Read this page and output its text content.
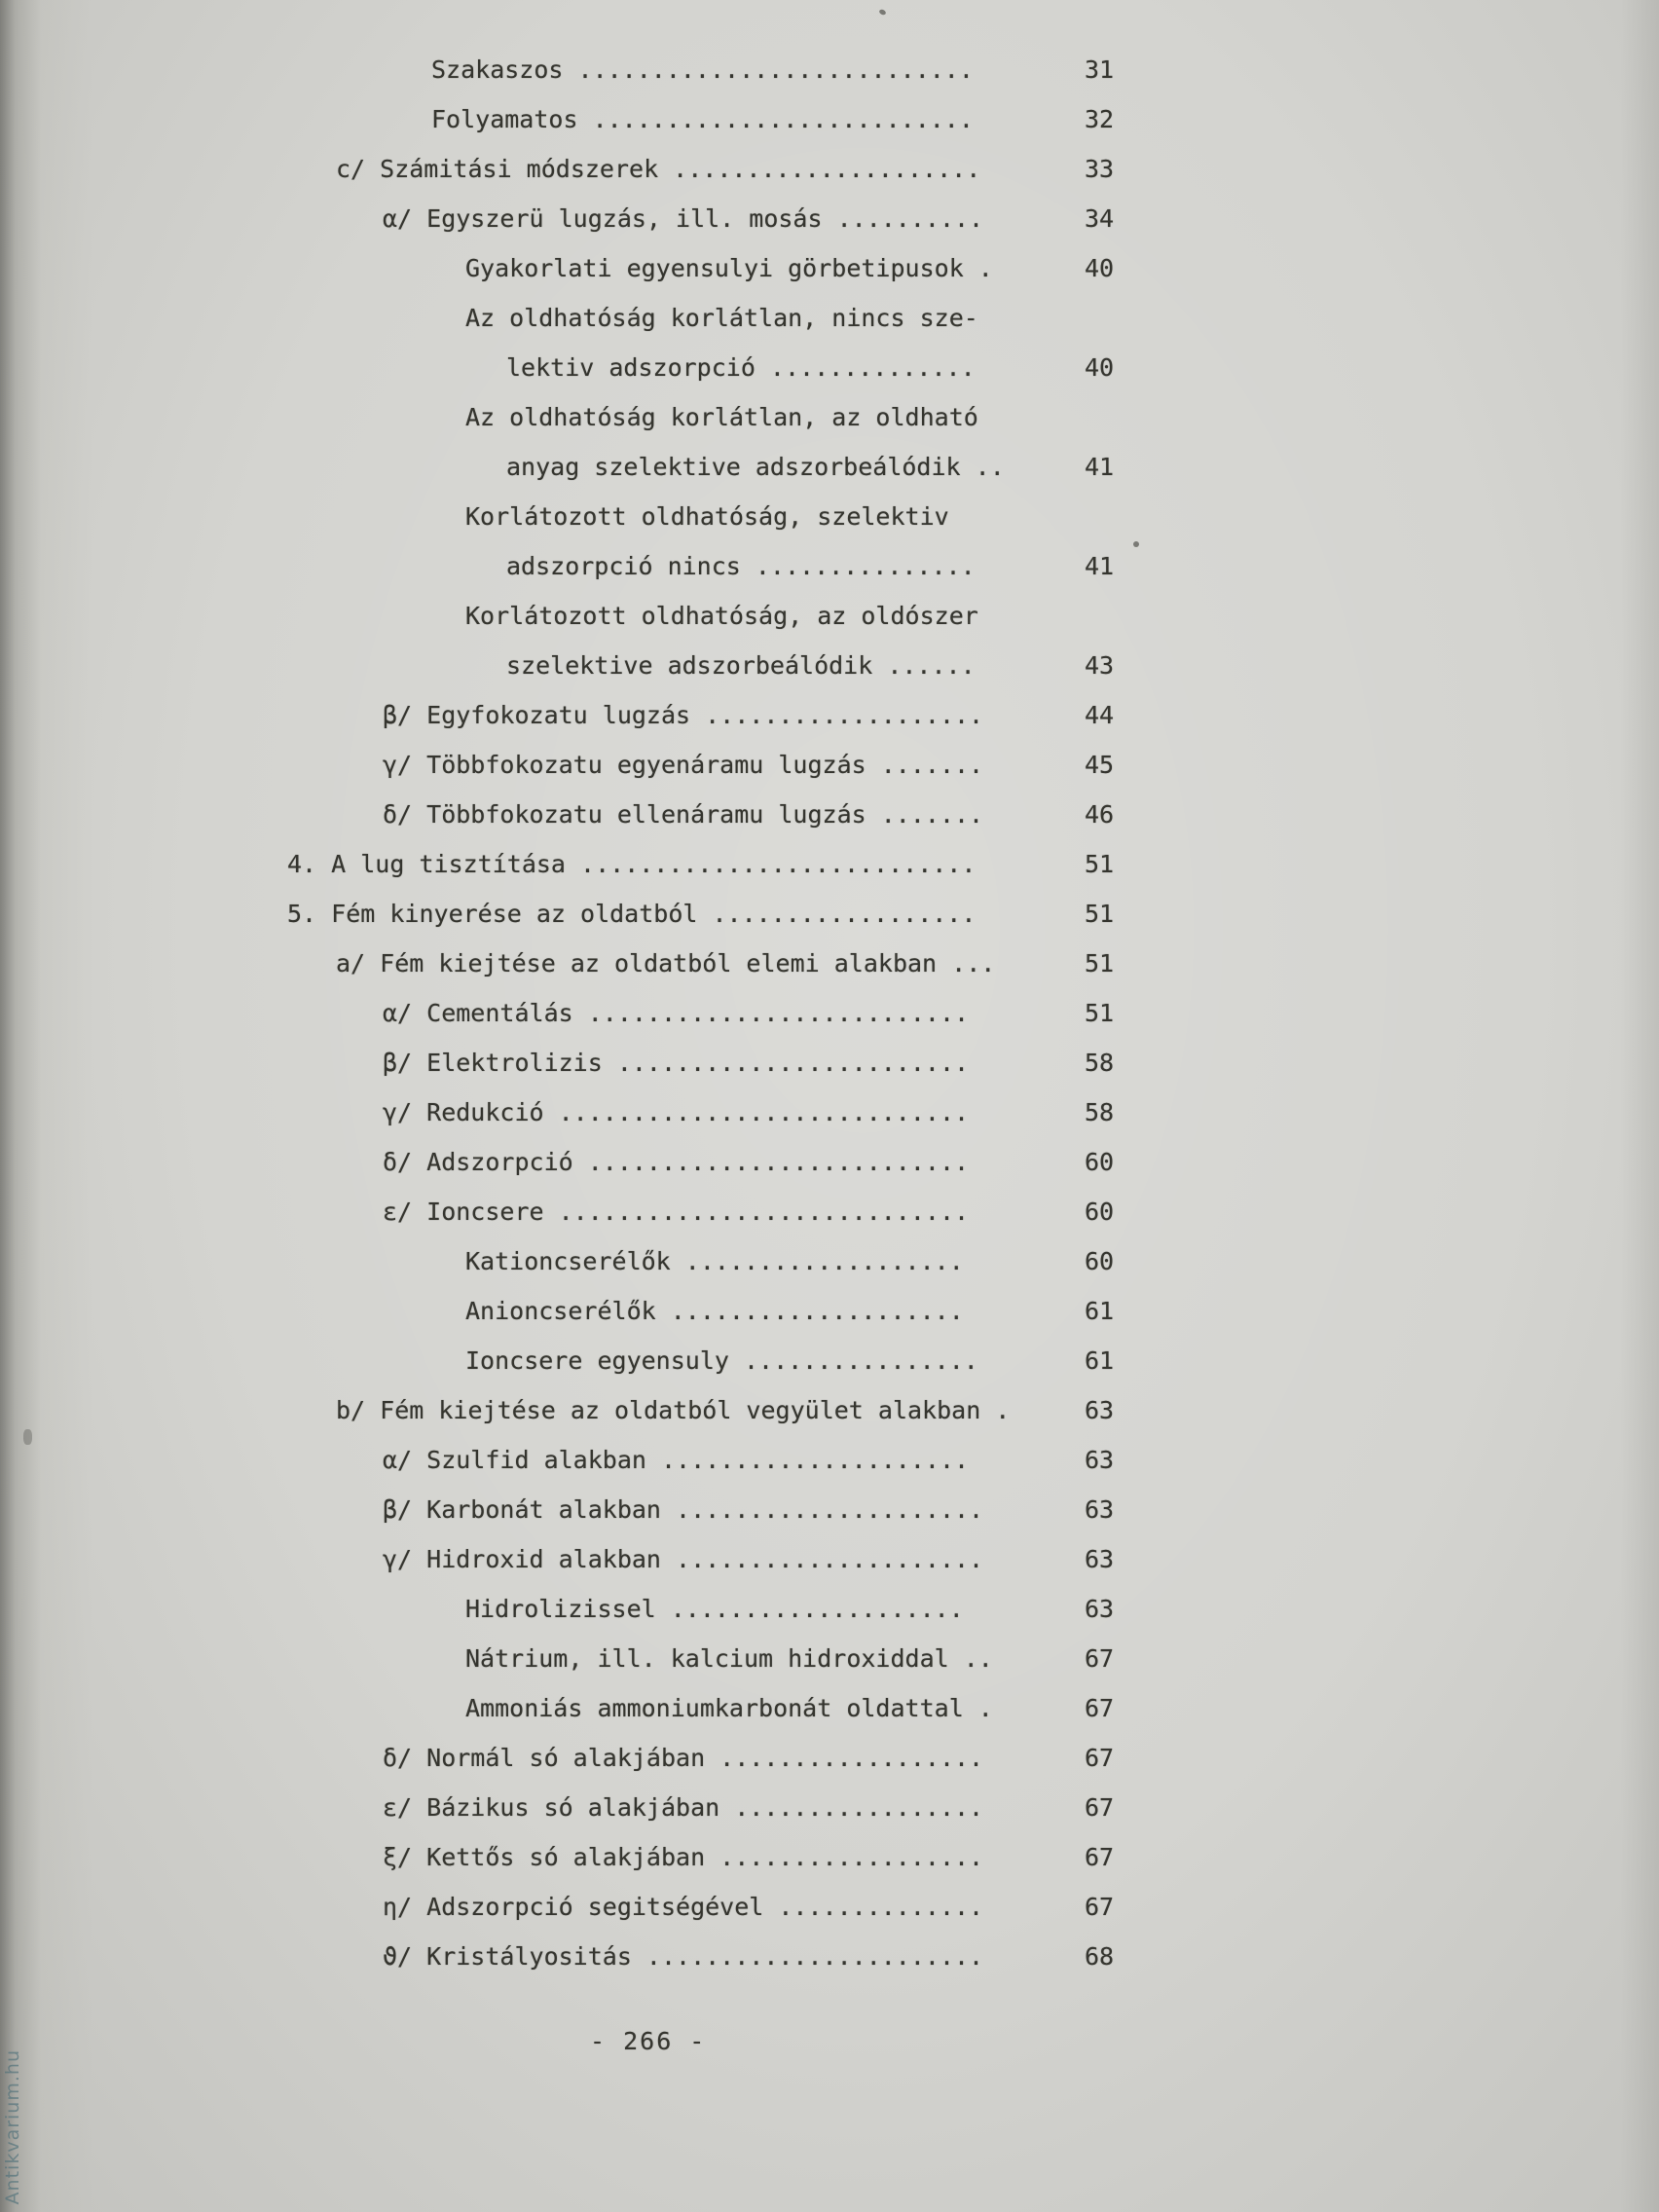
Antikvarium.hu
Szakaszos ...........................	31
Folyamatos ..........................	32
c/ Számitási módszerek .....................	33
α/ Egyszerü lugzás, ill. mosás ..........	34
Gyakorlati egyensulyi görbetipusok .	40
Az oldhatóság korlátlan, nincs sze-
lektiv adszorpció ..............	40
Az oldhatóság korlátlan, az oldható
anyag szelektive adszorbeálódik ..	41
Korlátozott oldhatóság, szelektiv
adszorpció nincs ...............	41
Korlátozott oldhatóság, az oldószer
szelektive adszorbeálódik ......	43
β/ Egyfokozatu lugzás ...................	44
γ/ Többfokozatu egyenáramu lugzás .......	45
δ/ Többfokozatu ellenáramu lugzás .......	46
4. A lug tisztítása ...........................	51
5. Fém kinyerése az oldatból ..................	51
a/ Fém kiejtése az oldatból elemi alakban ...	51
α/ Cementálás ..........................	51
β/ Elektrolizis ........................	58
γ/ Redukció ............................	58
δ/ Adszorpció ..........................	60
ε/ Ioncsere ............................	60
Kationcserélők ...................	60
Anioncserélők ....................	61
Ioncsere egyensuly ................	61
b/ Fém kiejtése az oldatból vegyület alakban .	63
α/ Szulfid alakban .....................	63
β/ Karbonát alakban .....................	63
γ/ Hidroxid alakban .....................	63
Hidrolizissel ....................	63
Nátrium, ill. kalcium hidroxiddal ..	67
Ammoniás ammoniumkarbonát oldattal .	67
δ/ Normál só alakjában ..................	67
ε/ Bázikus só alakjában .................	67
ξ/ Kettős só alakjában ..................	67
η/ Adszorpció segitségével ..............	67
ϑ/ Kristályositás .......................	68
- 266 -
